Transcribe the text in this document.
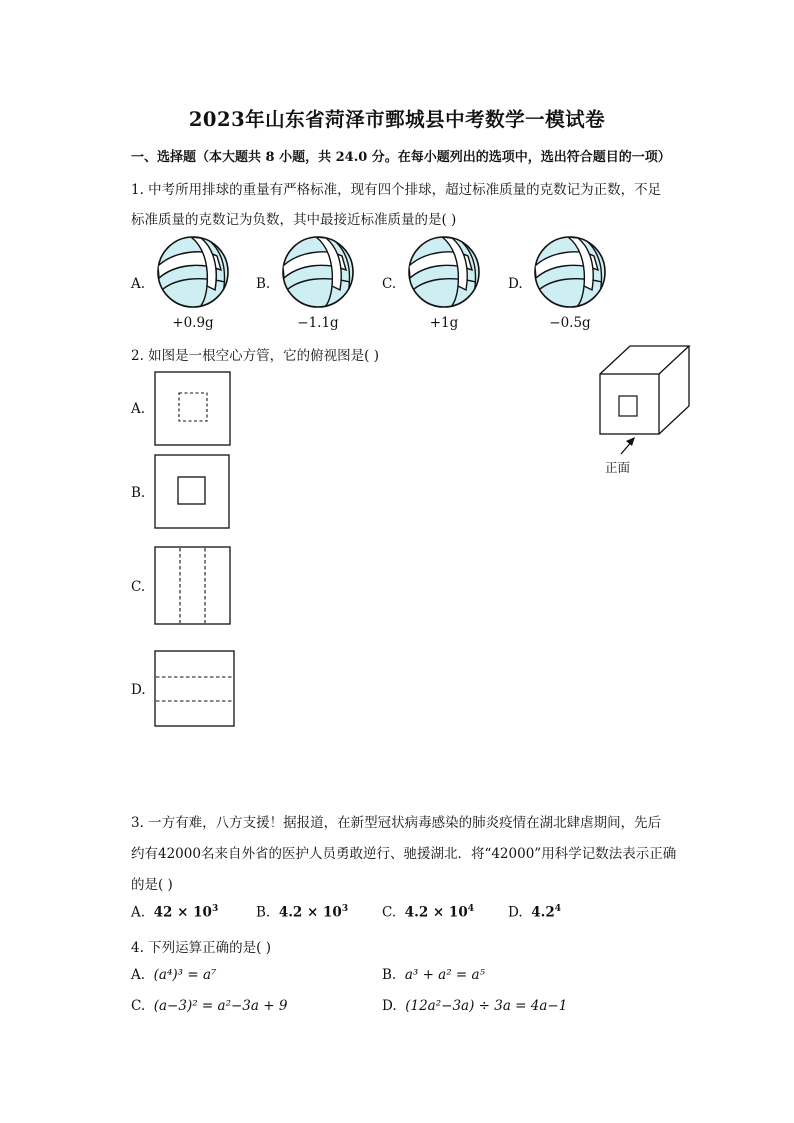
2023年山东省菏泽市鄄城县中考数学一模试卷
一、选择题（本大题共 8 小题，共 24.0 分。在每小题列出的选项中，选出符合题目的一项）
1. 中考所用排球的重量有严格标准，现有四个排球，超过标准质量的克数记为正数，不足
标准质量的克数记为负数，其中最接近标准质量的是( )
A.	B.	C.	D.
+0.9g	−1.1g	+1g	−0.5g
2. 如图是一根空心方管，它的俯视图是( )
A.
B.
C.
D.
正面
3. 一方有难，八方支援！据报道，在新型冠状病毒感染的肺炎疫情在湖北肆虐期间，先后
约有42000名来自外省的医护人员勇敢逆行、驰援湖北．将“42000”用科学记数法表示正确
的是( )
A. $42 \times 10^3$	B. $4.2 \times 10^3$	C. $4.2 \times 10^4$	D. $4.2^4$
4. 下列运算正确的是( )
A. (a⁴)³ = a⁷	B. a³ + a² = a⁵
C. (a−3)² = a²−3a + 9	D. (12a²−3a) ÷ 3a = 4a−1
